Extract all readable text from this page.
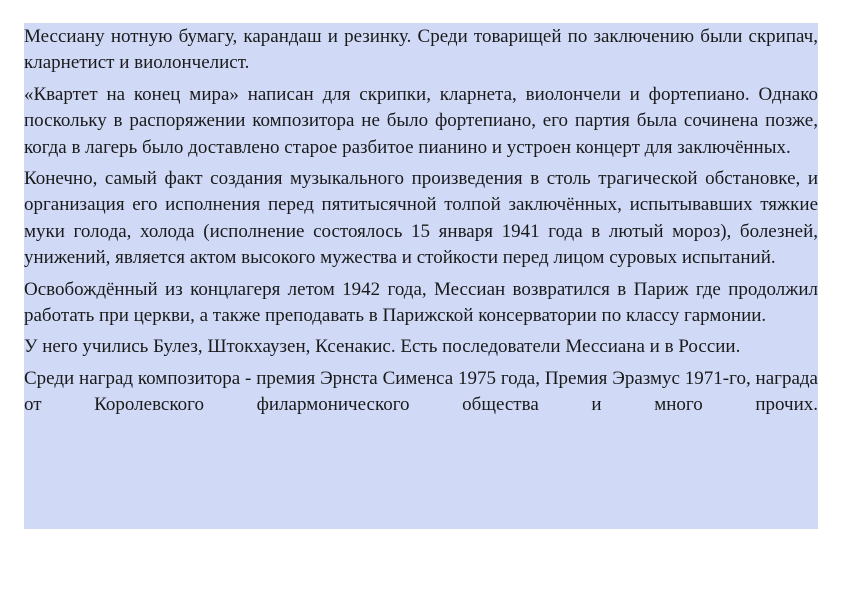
Мессиану нотную бумагу, карандаш и резинку. Среди товарищей по заключению были скрипач, кларнетист и виолончелист.

«Квартет на конец мира» написан для скрипки, кларнета, виолончели и фортепиано. Однако поскольку в распоряжении композитора не было фортепиано, его партия была сочинена позже, когда в лагерь было доставлено старое разбитое пианино и устроен концерт для заключённых.

Конечно, самый факт создания музыкального произведения в столь трагической обстановке, и организация его исполнения перед пятитысячной толпой заключённых, испытывавших тяжкие муки голода, холода (исполнение состоялось 15 января 1941 года в лютый мороз), болезней, унижений, является актом высокого мужества и стойкости перед лицом суровых испытаний.

Освобождённый из концлагеря летом 1942 года, Мессиан возвратился в Париж где продолжил работать при церкви, а также преподавать в Парижской консерватории по классу гармонии.

У него учились Булез, Штокхаузен, Ксенакис. Есть последователи Мессиана и в России.

Среди наград композитора - премия Эрнста Сименса 1975 года, Премия Эразмус 1971-го, награда от Королевского филармонического общества и много прочих.
